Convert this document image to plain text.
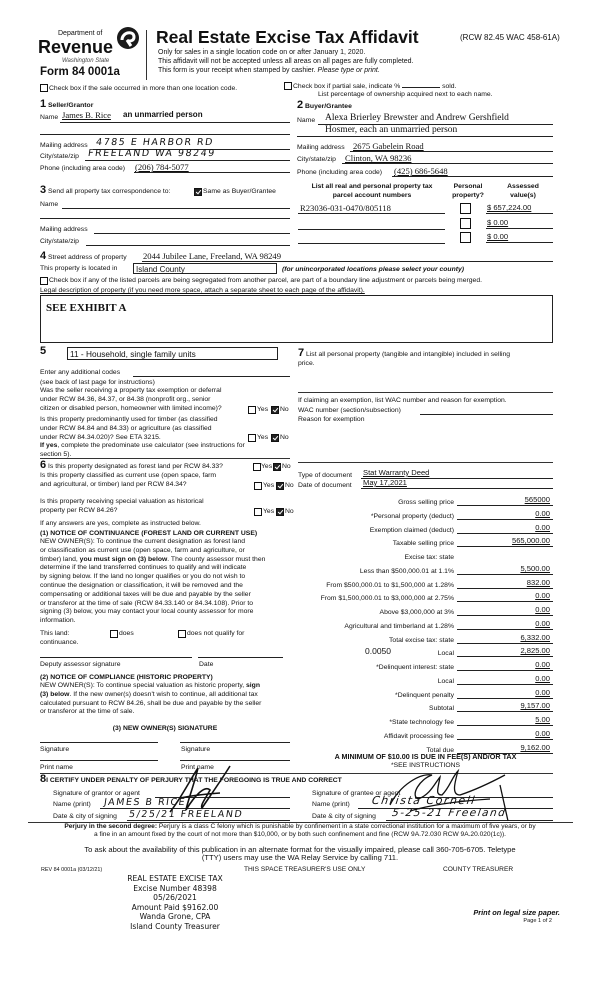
Department of
Revenue
Washington State
Form 84 0001a
Real Estate Excise Tax Affidavit	(RCW 82.45 WAC 458-61A)
Only for sales in a single location code on or after January 1, 2020.
This affidavit will not be accepted unless all areas on all pages are fully completed.
This form is your receipt when stamped by cashier. Please type or print.
Check box if the sale occurred in more than one location code.	Check box if partial sale, indicate %	sold.
List percentage of ownership acquired next to each name.
1 Seller/Grantor
Name James B. Rice an unmarried person
Mailing address 4785 E HARBOR RD
City/state/zip FREELAND WA 98249
Phone (including area code) (206) 784-5077
2 Buyer/Grantee
Name Alexa Brierley Brewster and Andrew Gershfield
Hosmer, each an unmarried person
Mailing address 2675 Gabelein Road
City/state/zip Clinton, WA 98236
Phone (including area code) (425) 686-5648
3 Send all property tax correspondence to:	Same as Buyer/Grantee
Name
Mailing address
City/state/zip
List all real and personal property tax
parcel account numbers
Personal
property?
Assessed
value(s)
R23036-031-0470/805118	$ 657,224.00
$ 0.00
$ 0.00
4 Street address of property 2044 Jubilee Lane, Freeland, WA 98249
This property is located in	Island County	(for unincorporated locations please select your county)
Check box if any of the listed parcels are being segregated from another parcel, are part of a boundary line adjustment or parcels being merged.
Legal description of property (if you need more space, attach a separate sheet to each page of the affidavit).
SEE EXHIBIT A
5	11 - Household, single family units
Enter any additional codes
(see back of last page for instructions)
Was the seller receiving a property tax exemption or deferral
under RCW 84.36, 84.37, or 84.38 (nonprofit org., senior
citizen or disabled person, homeowner with limited income)?	Yes No
Is this property predominantly used for timber (as classified
under RCW 84.84 and 84.33) or agriculture (as classified
under RCW 84.34.020)? See ETA 3215.
If yes, complete the predominate use calculator (see instructions for
section 5).
Yes No
6 Is this property designated as forest land per RCW 84.33?	Yes No
Is this property classified as current use (open space, farm
and agricultural, or timber) land per RCW 84.34?	Yes No
Is this property receiving special valuation as historical
property per RCW 84.26?	Yes No
If any answers are yes, complete as instructed below.
(1) NOTICE OF CONTINUANCE (FOREST LAND OR CURRENT USE)
NEW OWNER(S): To continue the current designation as forest land
or classification as current use (open space, farm and agriculture, or
timber) land, you must sign on (3) below. The county assessor must then
determine if the land transferred continues to qualify and will indicate
by signing below. If the land no longer qualifies or you do not wish to
continue the designation or classification, it will be removed and the
compensating or additional taxes will be due and payable by the seller
or transferor at the time of sale (RCW 84.33.140 or 84.34.108). Prior to
signing (3) below, you may contact your local county assessor for more
information.
This land:	does	does not qualify for
continuance.
Deputy assessor signature	Date
(2) NOTICE OF COMPLIANCE (HISTORIC PROPERTY)
NEW OWNER(S): To continue special valuation as historic property, sign
(3) below. If the new owner(s) doesn't wish to continue, all additional tax
calculated pursuant to RCW 84.26, shall be due and payable by the seller
or transferor at the time of sale.
(3) NEW OWNER(S) SIGNATURE
Signature	Signature
Print name	Print name
7 List all personal property (tangible and intangible) included in selling
price.
If claiming an exemption, list WAC number and reason for exemption.
WAC number (section/subsection)
Reason for exemption
Type of document Stat Warranty Deed
Date of document May 17,2021
Gross selling price	565000
*Personal property (deduct)	0.00
Exemption claimed (deduct)	0.00
Taxable selling price	565,000.00
Excise tax: state
Less than $500,000.01 at 1.1%	5,500.00
From $500,000.01 to $1,500,000 at 1.28%	832.00
From $1,500,000.01 to $3,000,000 at 2.75%	0.00
Above $3,000,000 at 3%	0.00
Agricultural and timberland at 1.28%	0.00
Total excise tax: state	6,332.00
Local	2,825.00
*Delinquent interest: state	0.00
Local	0.00
*Delinquent penalty	0.00
Subtotal	9,157.00
*State technology fee	5.00
Affidavit processing fee	0.00
Total due	9,162.00
0.0050
A MINIMUM OF $10.00 IS DUE IN FEE(S) AND/OR TAX
*SEE INSTRUCTIONS
8I CERTIFY UNDER PENALTY OF PERJURY THAT THE FOREGOING IS TRUE AND CORRECT
Signature of grantor or agent
Name (print) JAMES B RICE
Date & city of signing 5/25/21 FREELAND
Signature of grantee or agent
Name (print) Christa Cornell
Date & city of signing 5-25-21 Freeland
Perjury in the second degree: Perjury is a class C felony which is punishable by confinement in a state correctional institution for a maximum of five years, or by
a fine in an amount fixed by the court of not more than $10,000, or by both such confinement and fine (RCW 9A.72.030 RCW 9A.20.020(1c)).
To ask about the availability of this publication in an alternate format for the visually impaired, please call 360-705-6705. Teletype
(TTY) users may use the WA Relay Service by calling 711.
REV 84 0001a (03/12/21)	THIS SPACE TREASURER'S USE ONLY	COUNTY TREASURER
REAL ESTATE EXCISE TAX
Excise Number 48398
05/26/2021
Amount Paid $9162.00
Wanda Grone, CPA
Island County Treasurer
Print on legal size paper.
Page 1 of 2
